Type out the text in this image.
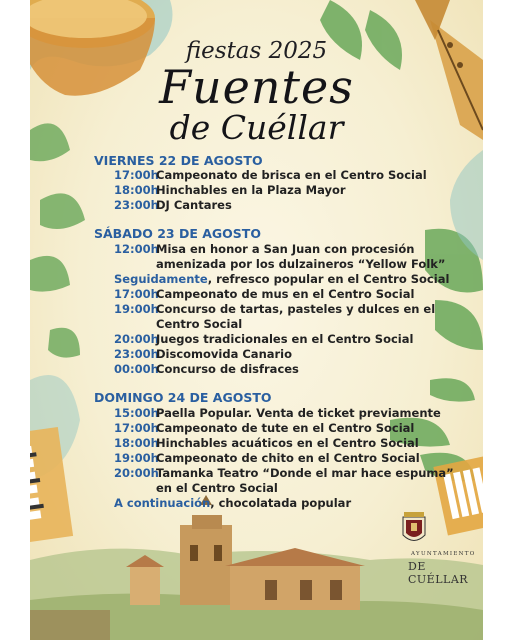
fiestas 2025
Fuentes
de Cuéllar
VIERNES 22 DE AGOSTO
17:00h
Campeonato de brisca en el Centro Social
18:00h
Hinchables en la Plaza Mayor
23:00h
DJ Cantares
SÁBADO 23 DE AGOSTO
12:00h
Misa en honor a San Juan con procesión
amenizada por los dulzaineros “Yellow Folk”
Seguidamente, refresco popular en el Centro Social
17:00h
Campeonato de mus en el Centro Social
19:00h
Concurso de tartas, pasteles y dulces en el
Centro Social
20:00h
Juegos tradicionales en el Centro Social
23:00h
Discomovida Canario
00:00h
Concurso de disfraces
DOMINGO 24 DE AGOSTO
15:00h
Paella Popular. Venta de ticket previamente
17:00h
Campeonato de tute en el Centro Social
18:00h
Hinchables acuáticos en el Centro Social
19:00h
Campeonato de chito en el Centro Social
20:00h
Tamanka Teatro “Donde el mar hace espuma”
en el Centro Social
A continuación, chocolatada popular
AYUNTAMIENTO
DE CUÉLLAR
